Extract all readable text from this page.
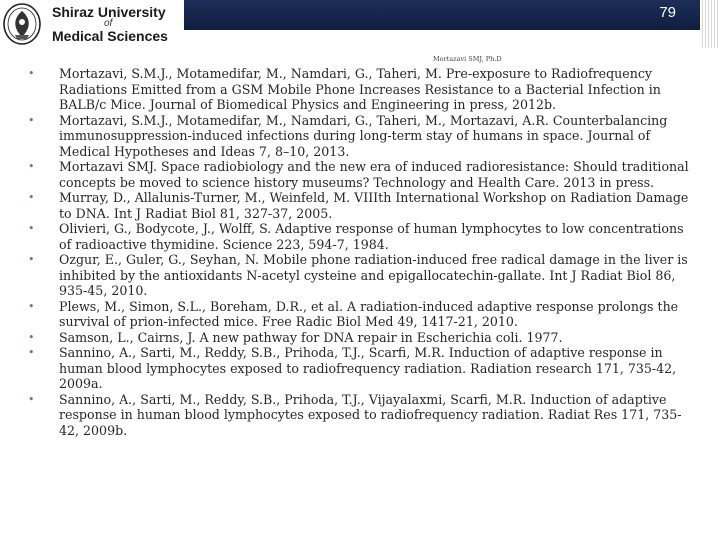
79
Shiraz University
of
Medical Sciences
Mortazavi SMJ, Ph.D
• Mortazavi, S.M.J., Motamedifar, M., Namdari, G., Taheri, M. Pre-exposure to Radiofrequency Radiations Emitted from a GSM Mobile Phone Increases Resistance to a Bacterial Infection in BALB/c Mice. Journal of Biomedical Physics and Engineering in press, 2012b.
• Mortazavi, S.M.J., Motamedifar, M., Namdari, G., Taheri, M., Mortazavi, A.R. Counterbalancing immunosuppression-induced infections during long-term stay of humans in space. Journal of Medical Hypotheses and Ideas 7, 8–10, 2013.
• Mortazavi SMJ. Space radiobiology and the new era of induced radioresistance: Should traditional concepts be moved to science history museums? Technology and Health Care. 2013 in press.
• Murray, D., Allalunis-Turner, M., Weinfeld, M. VIIIth International Workshop on Radiation Damage to DNA. Int J Radiat Biol 81, 327-37, 2005.
• Olivieri, G., Bodycote, J., Wolff, S. Adaptive response of human lymphocytes to low concentrations of radioactive thymidine. Science 223, 594-7, 1984.
• Ozgur, E., Guler, G., Seyhan, N. Mobile phone radiation-induced free radical damage in the liver is inhibited by the antioxidants N-acetyl cysteine and epigallocatechin-gallate. Int J Radiat Biol 86, 935-45, 2010.
• Plews, M., Simon, S.L., Boreham, D.R., et al. A radiation-induced adaptive response prolongs the survival of prion-infected mice. Free Radic Biol Med 49, 1417-21, 2010.
• Samson, L., Cairns, J. A new pathway for DNA repair in Escherichia coli. 1977.
• Sannino, A., Sarti, M., Reddy, S.B., Prihoda, T.J., Scarfi, M.R. Induction of adaptive response in human blood lymphocytes exposed to radiofrequency radiation. Radiation research 171, 735-42, 2009a.
• Sannino, A., Sarti, M., Reddy, S.B., Prihoda, T.J., Vijayalaxmi, Scarfi, M.R. Induction of adaptive response in human blood lymphocytes exposed to radiofrequency radiation. Radiat Res 171, 735-42, 2009b.
